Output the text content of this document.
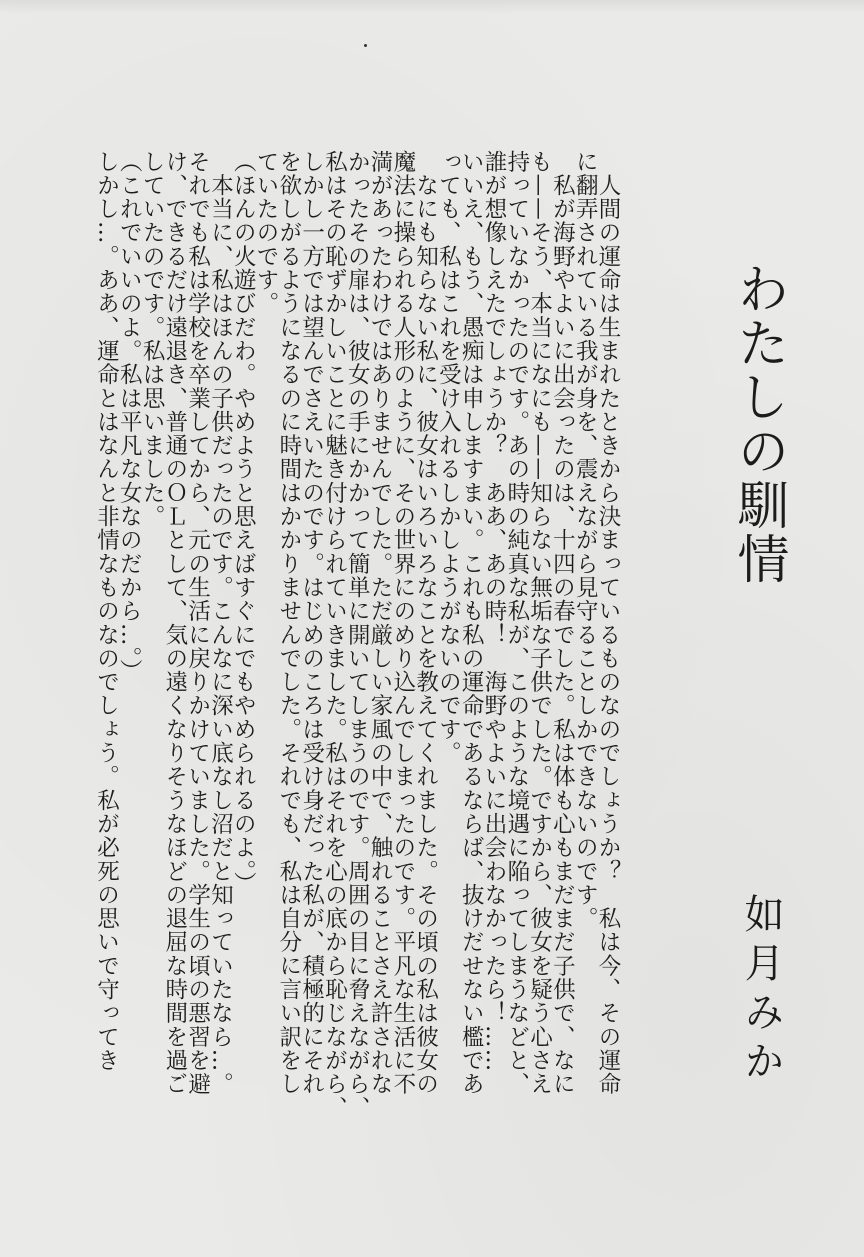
わたしの馴情
如月みか
　人間の運命は生まれたときから決まっているものなのでしょうか？　私は今、その運命
に翻弄されている我が身を、震えながら見守ることしかできないのです。
　私が海野やよいに出会ったのは、十四の春でした。私は体も心もまだまだ子供で、なに
も——そう、本当になにも——知らない無垢な子供でした。ですから、彼女を疑う心さえ
持っていなかったのです。あの時の純真な私が、このような境遇に陥ってしまうなどと、
誰が想像しえたでしょうか？　ああ、あの時！　海野やよいに出会わなかったら！……
いいえ、もう、愚痴は申しますまい。これも私の運命であるならば、抜けだせない檻であ
っても、私はこれを受け入れるしかしようがないのです。
　なにも知らない私に、彼女はいろいろなことを教えてくれました。その頃の私は彼女の
魔法に操られる人形のように、その世界にのめり込んでしまったのです。平凡な生活に不
満があったわけではありませんでした。ただ厳しい家風の中で、触れることさえ許されな
かったその扉は、彼女の手にかかって簡単に開いてしまうのです。周囲の目に脅えながら、
私はその恥ずかしいことに魅き付けられていきました。私はそれを心の底から恥じながら、
しかし一方では望んでさえいたのです。はじめのころは受け身だった私が、積極的にそれ
を欲しがるようになるのに時間はかかりませんでした。それでも、私は自分に言い訳をし
ていたのです。
（ほんの火遊びだわ。やめようと思えばすぐにでもやめられるのよ。）
　本当に、私はほんの子供だったのです。こんなに深い底なし沼だと知っていたなら…。
それでも私は学校を卒業してから、元の生活に戻りかけていました。学生の頃の悪習を避
け、できるだけ遠退き、普通のＯＬとして、気の遠くなりそうなほどの退屈な時間を過ご
していたのです。私は思いました。
（これでいいのよ。私は平凡な女なのだから…。）
しかし…。ああ、運命とはなんと非情なものなのでしょう。私が必死の思いで守ってき
